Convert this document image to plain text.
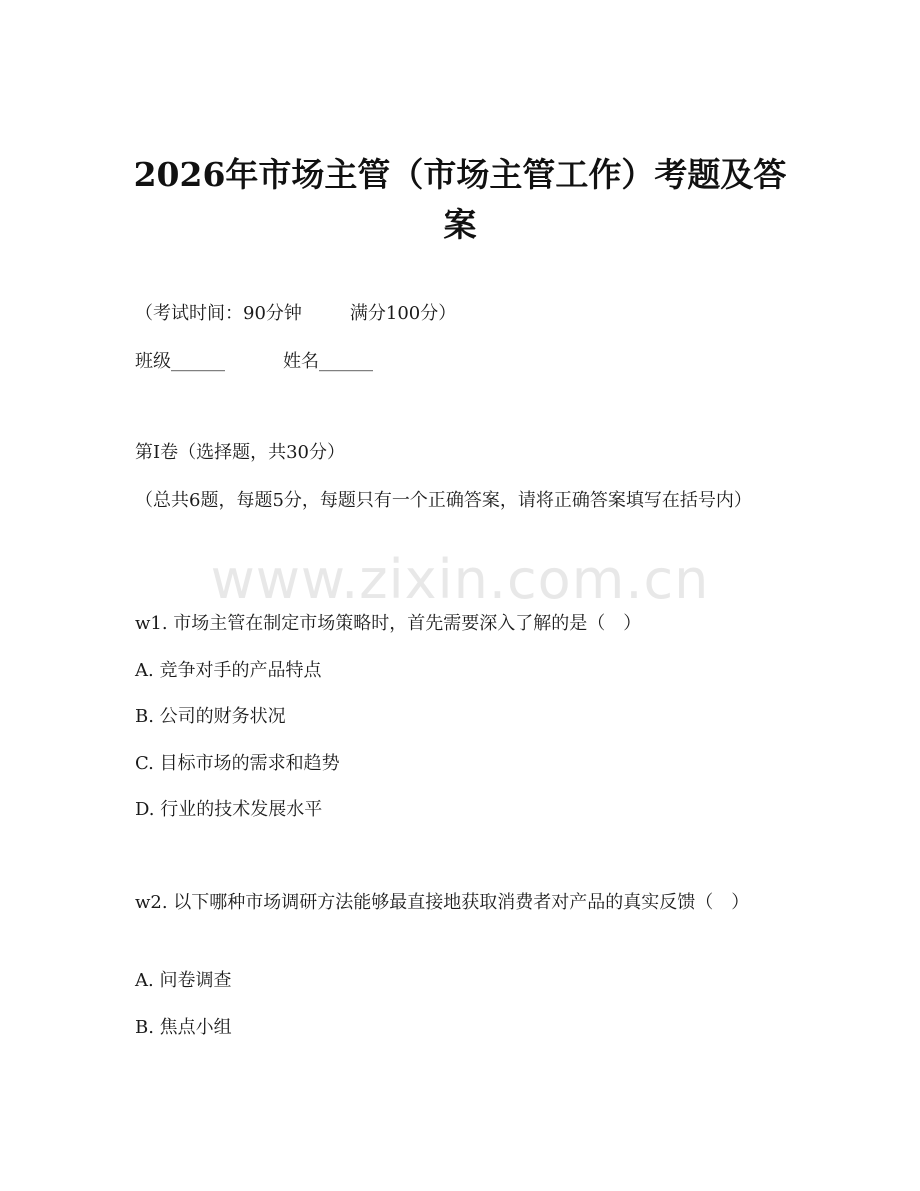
2026年市场主管（市场主管工作）考题及答案
（考试时间：90分钟	满分100分）
班级______	姓名______
第I卷（选择题，共30分）
（总共6题，每题5分，每题只有一个正确答案，请将正确答案填写在括号内）
www.zixin.com.cn
w1. 市场主管在制定市场策略时，首先需要深入了解的是（　）
A. 竞争对手的产品特点
B. 公司的财务状况
C. 目标市场的需求和趋势
D. 行业的技术发展水平
w2. 以下哪种市场调研方法能够最直接地获取消费者对产品的真实反馈（　）
A. 问卷调查
B. 焦点小组
